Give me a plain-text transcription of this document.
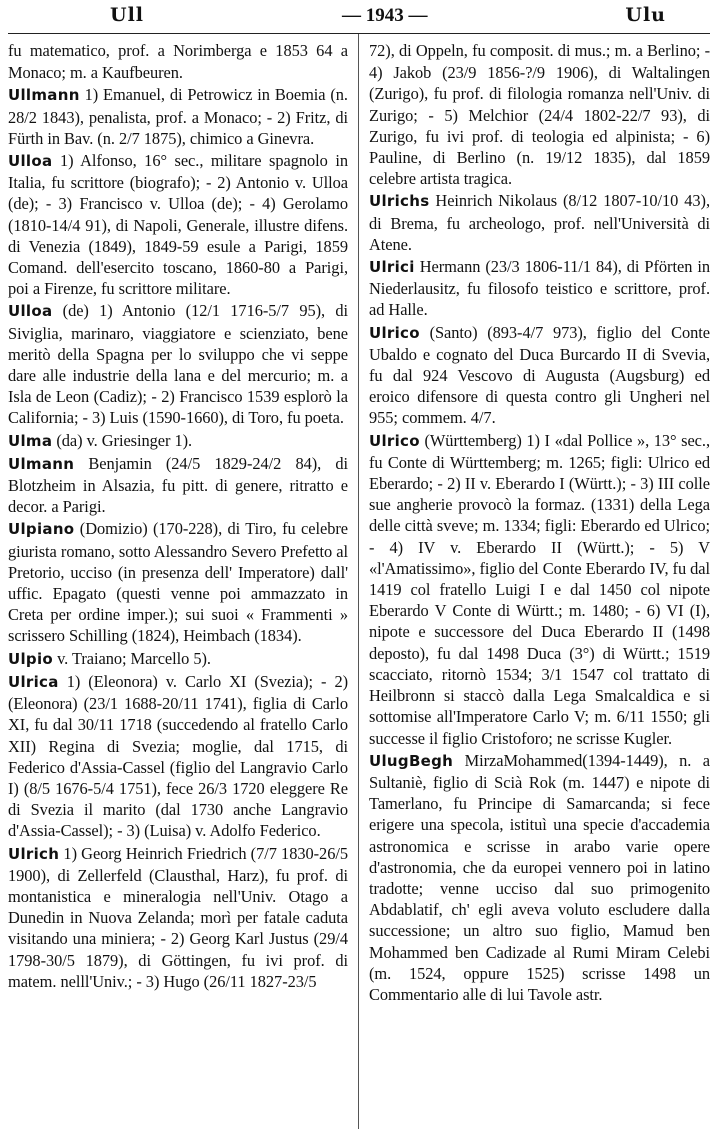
Ull	— 1943 —	Ulu

fu matematico, prof. a Norimberga e 1853 64 a Monaco; m. a Kaufbeuren.

Ullmann 1) Emanuel, di Petrowicz in Boemia (n. 28/2 1843), penalista, prof. a Monaco; - 2) Fritz, di Fürth in Bav. (n. 2/7 1875), chimico a Ginevra.

Ulloa 1) Alfonso, 16° sec., militare spagnolo in Italia, fu scrittore (biografo); - 2) Antonio v. Ulloa (de); - 3) Francisco v. Ulloa (de); - 4) Gerolamo (1810-14/4 91), di Napoli, Generale, illustre difens. di Venezia (1849), 1849-59 esule a Parigi, 1859 Comand. dell'esercito toscano, 1860-80 a Parigi, poi a Firenze, fu scrittore militare.

Ulloa (de) 1) Antonio (12/1 1716-5/7 95), di Siviglia, marinaro, viaggiatore e scienziato, bene meritò della Spagna per lo sviluppo che vi seppe dare alle industrie della lana e del mercurio; m. a Isla de Leon (Cadiz); - 2) Francisco 1539 esplorò la California; - 3) Luis (1590-1660), di Toro, fu poeta.

Ulma (da) v. Griesinger 1).

Ulmann Benjamin (24/5 1829-24/2 84), di Blotzheim in Alsazia, fu pitt. di genere, ritratto e decor. a Parigi.

Ulpiano (Domizio) (170-228), di Tiro, fu celebre giurista romano, sotto Alessandro Severo Prefetto al Pretorio, ucciso (in presenza dell' Imperatore) dall' uffic. Epagato (questi venne poi ammazzato in Creta per ordine imper.); sui suoi « Frammenti » scrissero Schilling (1824), Heimbach (1834).

Ulpio v. Traiano; Marcello 5).

Ulrica 1) (Eleonora) v. Carlo XI (Svezia); - 2) (Eleonora) (23/1 1688-20/11 1741), figlia di Carlo XI, fu dal 30/11 1718 (succedendo al fratello Carlo XII) Regina di Svezia; moglie, dal 1715, di Federico d'Assia-Cassel (figlio del Langravio Carlo I) (8/5 1676-5/4 1751), fece 26/3 1720 eleggere Re di Svezia il marito (dal 1730 anche Langravio d'Assia-Cassel); - 3) (Luisa) v. Adolfo Federico.

Ulrich 1) Georg Heinrich Friedrich (7/7 1830-26/5 1900), di Zellerfeld (Clausthal, Harz), fu prof. di montanistica e mineralogia nell'Univ. Otago a Dunedin in Nuova Zelanda; morì per fatale caduta visitando una miniera; - 2) Georg Karl Justus (29/4 1798-30/5 1879), di Göttingen, fu ivi prof. di matem. nelll'Univ.; - 3) Hugo (26/11 1827-23/5

72), di Oppeln, fu composit. di mus.; m. a Berlino; - 4) Jakob (23/9 1856-?/9 1906), di Waltalingen (Zurigo), fu prof. di filologia romanza nell'Univ. di Zurigo; - 5) Melchior (24/4 1802-22/7 93), di Zurigo, fu ivi prof. di teologia ed alpinista; - 6) Pauline, di Berlino (n. 19/12 1835), dal 1859 celebre artista tragica.

Ulrichs Heinrich Nikolaus (8/12 1807-10/10 43), di Brema, fu archeologo, prof. nell'Università di Atene.

Ulrici Hermann (23/3 1806-11/1 84), di Pförten in Niederlausitz, fu filosofo teistico e scrittore, prof. ad Halle.

Ulrico (Santo) (893-4/7 973), figlio del Conte Ubaldo e cognato del Duca Burcardo II di Svevia, fu dal 924 Vescovo di Augusta (Augsburg) ed eroico difensore di questa contro gli Ungheri nel 955; commem. 4/7.

Ulrico (Württemberg) 1) I «dal Pollice », 13° sec., fu Conte di Württemberg; m. 1265; figli: Ulrico ed Eberardo; - 2) II v. Eberardo I (Württ.); - 3) III colle sue angherie provocò la formaz. (1331) della Lega delle città sveve; m. 1334; figli: Eberardo ed Ulrico; - 4) IV v. Eberardo II (Württ.); - 5) V «l'Amatissimo», figlio del Conte Eberardo IV, fu dal 1419 col fratello Luigi I e dal 1450 col nipote Eberardo V Conte di Württ.; m. 1480; - 6) VI (I), nipote e successore del Duca Eberardo II (1498 deposto), fu dal 1498 Duca (3°) di Württ.; 1519 scacciato, ritornò 1534; 3/1 1547 col trattato di Heilbronn si staccò dalla Lega Smalcaldica e si sottomise all'Imperatore Carlo V; m. 6/11 1550; gli successe il figlio Cristoforo; ne scrisse Kugler.

UlugBegh MirzaMohammed(1394-1449), n. a Sultaniè, figlio di Scià Rok (m. 1447) e nipote di Tamerlano, fu Principe di Samarcanda; si fece erigere una specola, istituì una specie d'accademia astronomica e scrisse in arabo varie opere d'astronomia, che da europei vennero poi in latino tradotte; venne ucciso dal suo primogenito Abdablatif, ch' egli aveva voluto escludere dalla successione; un altro suo figlio, Mamud ben Mohammed ben Cadizade al Rumi Miram Celebi (m. 1524, oppure 1525) scrisse 1498 un Commentario alle di lui Tavole astr.
